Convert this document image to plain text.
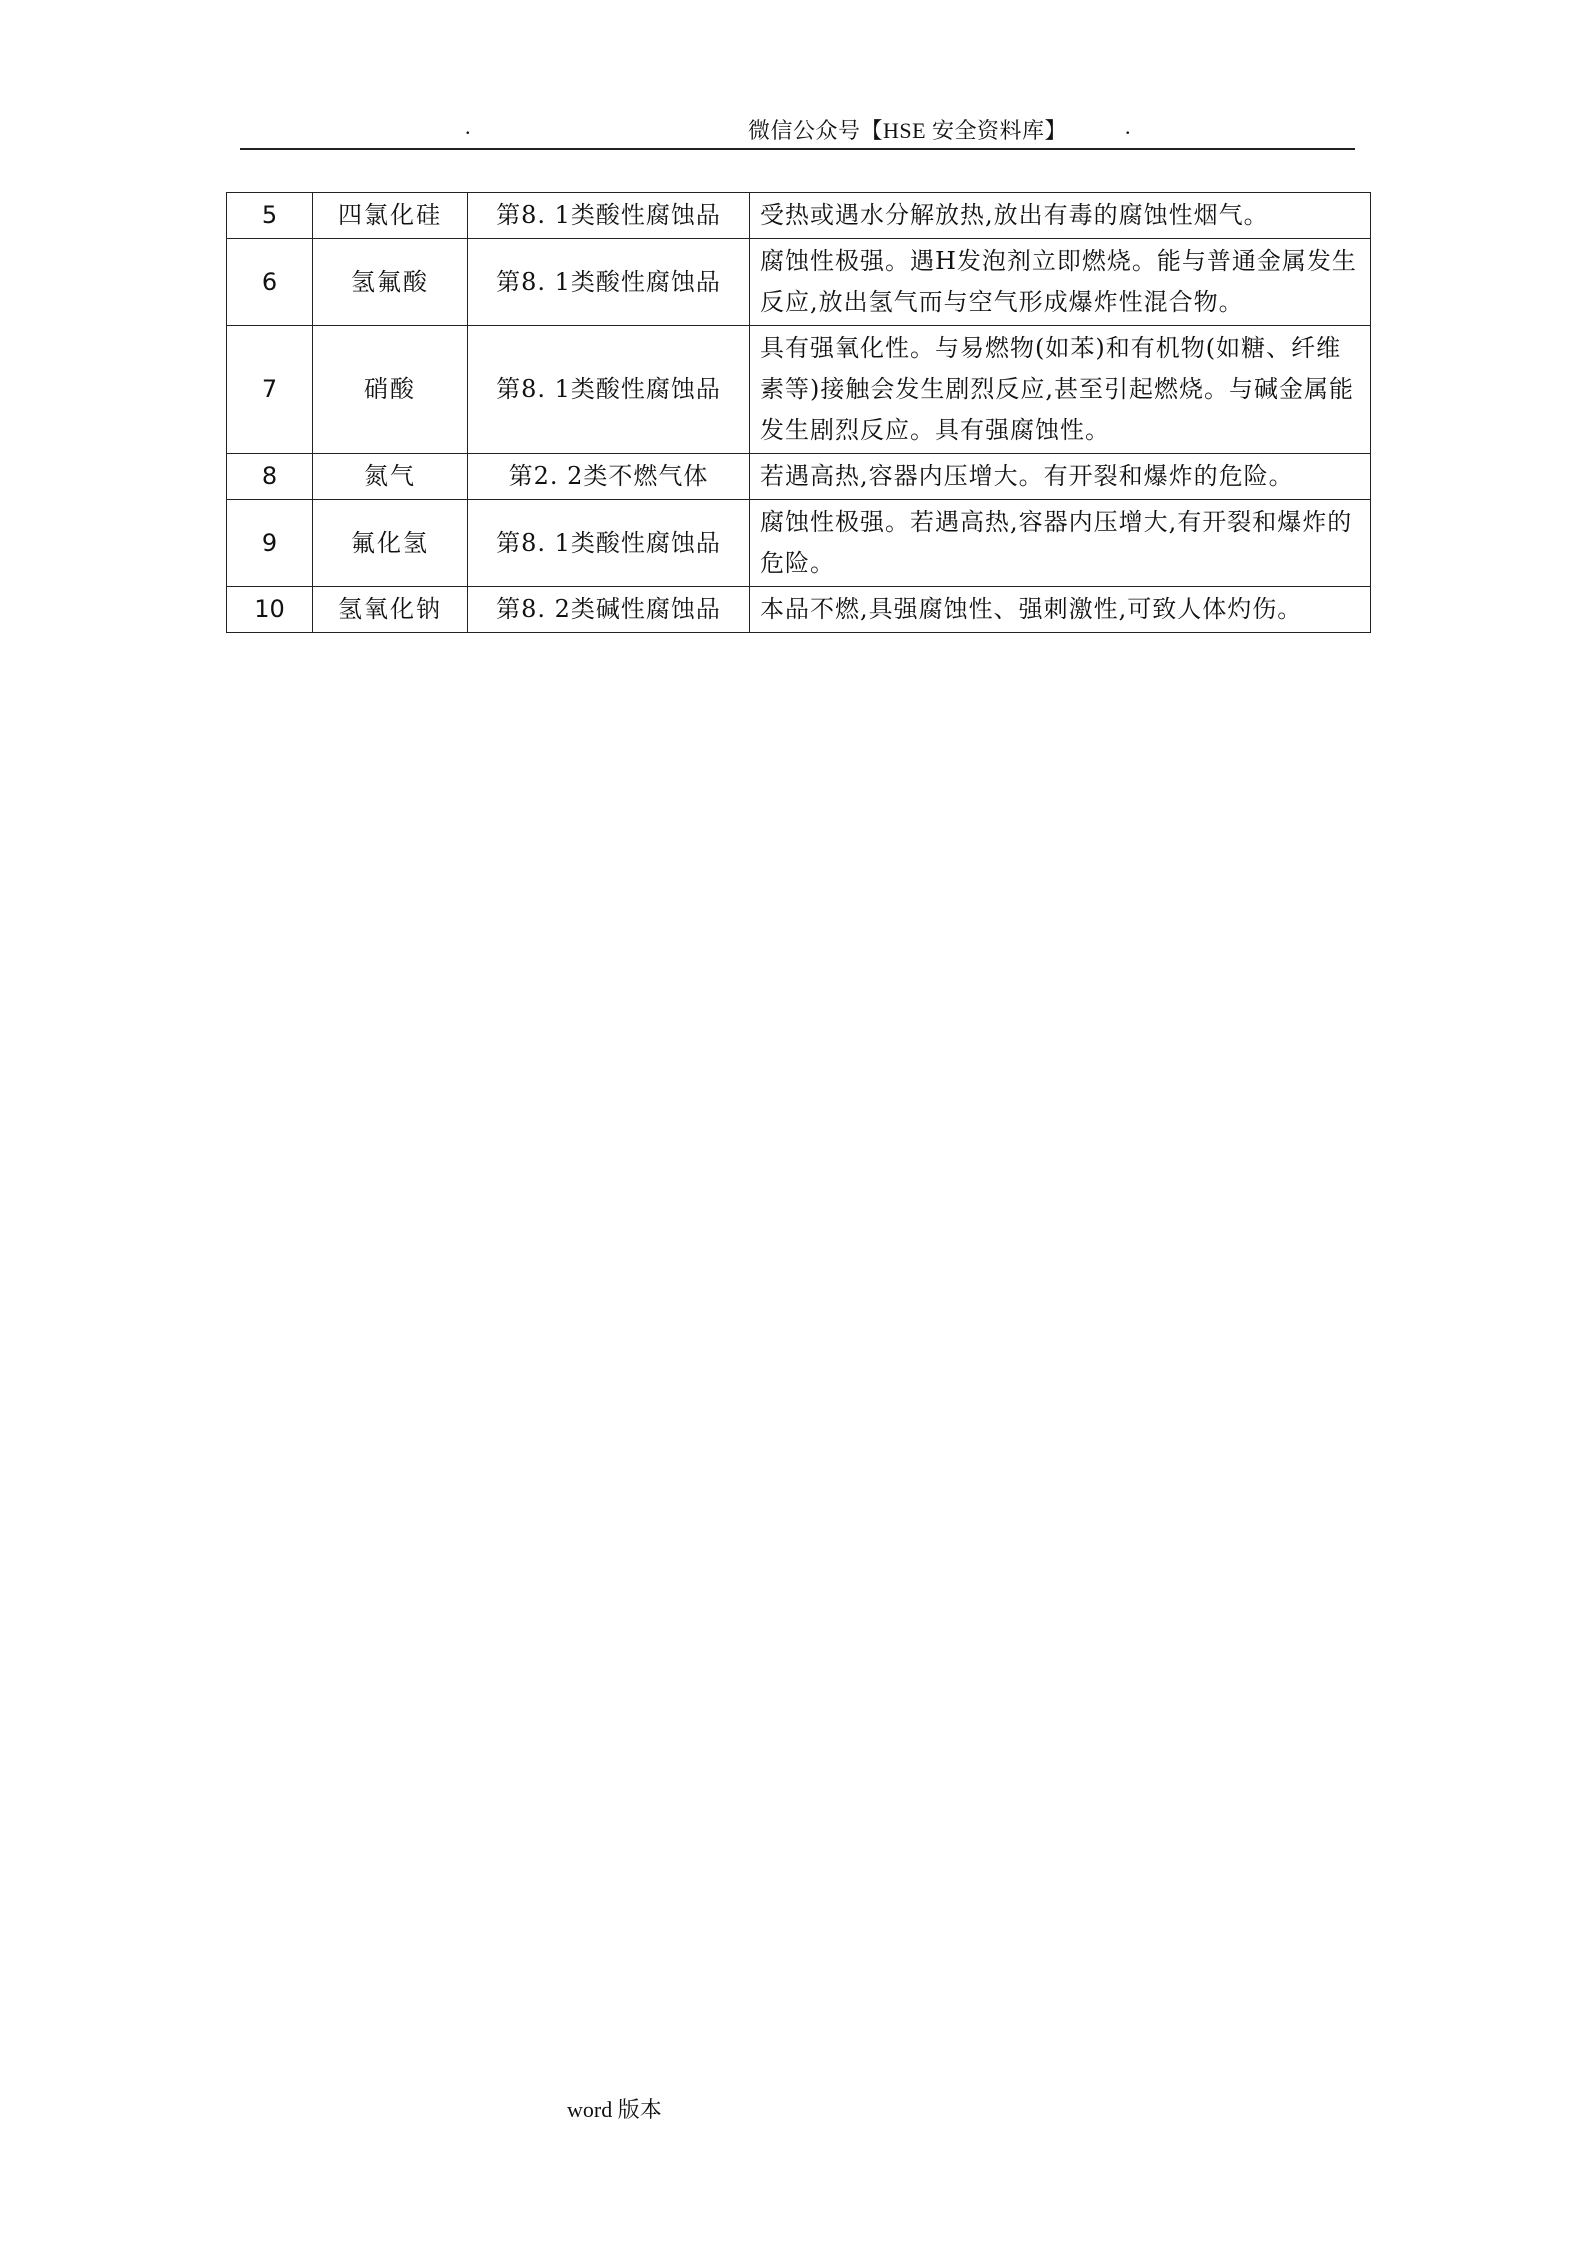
.	微信公众号【HSE 安全资料库】	.
5	四氯化硅	第8. 1类酸性腐蚀品	受热或遇水分解放热,放出有毒的腐蚀性烟气。
6	氢氟酸	第8. 1类酸性腐蚀品	腐蚀性极强。遇H发泡剂立即燃烧。能与普通金属发生反应,放出氢气而与空气形成爆炸性混合物。
7	硝酸	第8. 1类酸性腐蚀品	具有强氧化性。与易燃物(如苯)和有机物(如糖、纤维素等)接触会发生剧烈反应,甚至引起燃烧。与碱金属能发生剧烈反应。具有强腐蚀性。
8	氮气	第2. 2类不燃气体	若遇高热,容器内压增大。有开裂和爆炸的危险。
9	氟化氢	第8. 1类酸性腐蚀品	腐蚀性极强。若遇高热,容器内压增大,有开裂和爆炸的危险。
10	氢氧化钠	第8. 2类碱性腐蚀品	本品不燃,具强腐蚀性、强刺激性,可致人体灼伤。
word 版本
